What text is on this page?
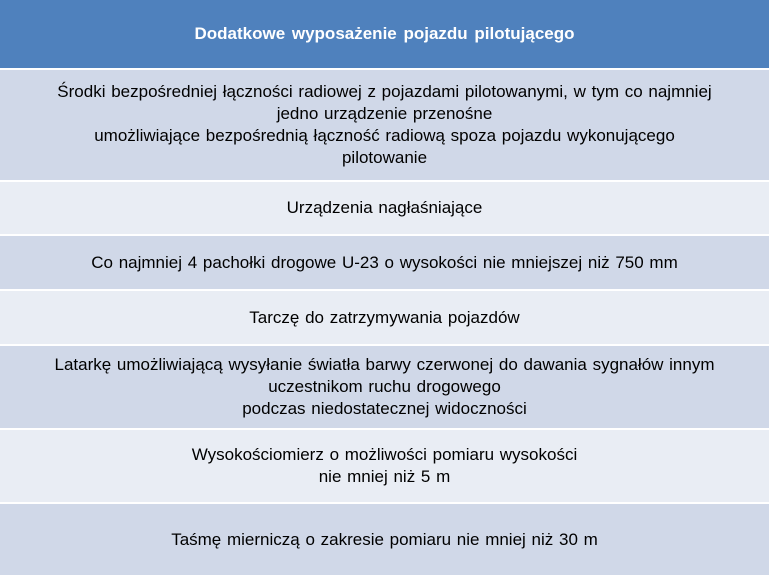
Dodatkowe wyposażenie pojazdu pilotującego
Środki bezpośredniej łączności radiowej z pojazdami pilotowanymi, w tym co najmniej
jedno urządzenie przenośne
umożliwiające bezpośrednią łączność radiową spoza pojazdu wykonującego
pilotowanie
Urządzenia nagłaśniające
Co najmniej 4 pachołki drogowe U-23 o wysokości nie mniejszej niż 750 mm
Tarczę do zatrzymywania pojazdów
Latarkę umożliwiającą wysyłanie światła barwy czerwonej do dawania sygnałów innym
uczestnikom ruchu drogowego
podczas niedostatecznej widoczności
Wysokościomierz o możliwości pomiaru wysokości
nie mniej niż 5 m
Taśmę mierniczą o zakresie pomiaru nie mniej niż 30 m
